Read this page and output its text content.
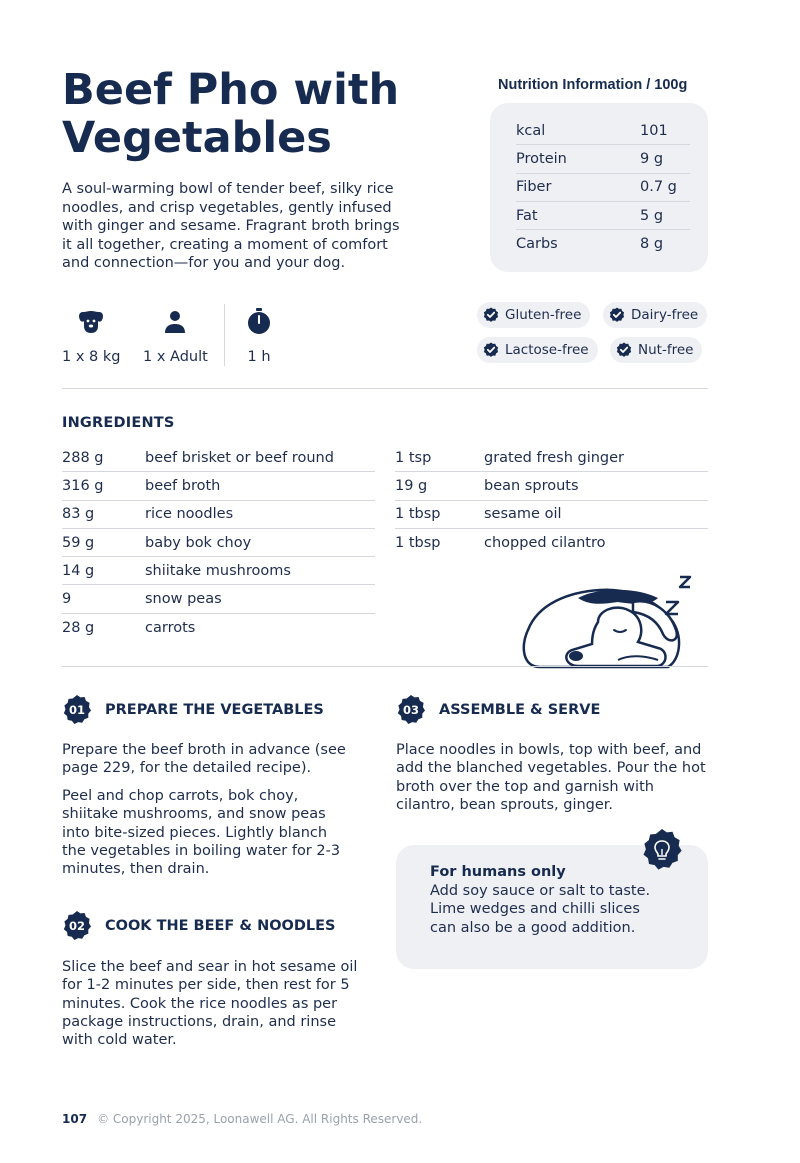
Beef Pho with
Vegetables

A soul-warming bowl of tender beef, silky rice noodles, and crisp vegetables, gently infused with ginger and sesame. Fragrant broth brings it all together, creating a moment of comfort and connection—for you and your dog.

Nutrition Information / 100g
kcal	101
Protein	9 g
Fiber	0.7 g
Fat	5 g
Carbs	8 g
1 x 8 kg 1 x Adult	1 h
Gluten-free	Dairy-free
Lactose-free	Nut-free
INGREDIENTS
288 g	beef brisket or beef round
316 g	beef broth
83 g	rice noodles
59 g	baby bok choy
14 g	shiitake mushrooms
9	snow peas
28 g	carrots
1 tsp	grated fresh ginger
19 g	bean sprouts
1 tbsp	sesame oil
1 tbsp	chopped cilantro
01	PREPARE THE VEGETABLES

Prepare the beef broth in advance (see page 229, for the detailed recipe).

Peel and chop carrots, bok choy, shiitake mushrooms, and snow peas into bite-sized pieces. Lightly blanch the vegetables in boiling water for 2-3 minutes, then drain.

02	COOK THE BEEF & NOODLES

Slice the beef and sear in hot sesame oil for 1-2 minutes per side, then rest for 5 minutes. Cook the rice noodles as per package instructions, drain, and rinse with cold water.

03	ASSEMBLE & SERVE

Place noodles in bowls, top with beef, and add the blanched vegetables. Pour the hot broth over the top and garnish with cilantro, bean sprouts, ginger.

For humans only
Add soy sauce or salt to taste. Lime wedges and chilli slices can also be a good addition.
107 © Copyright 2025, Loonawell AG. All Rights Reserved.
